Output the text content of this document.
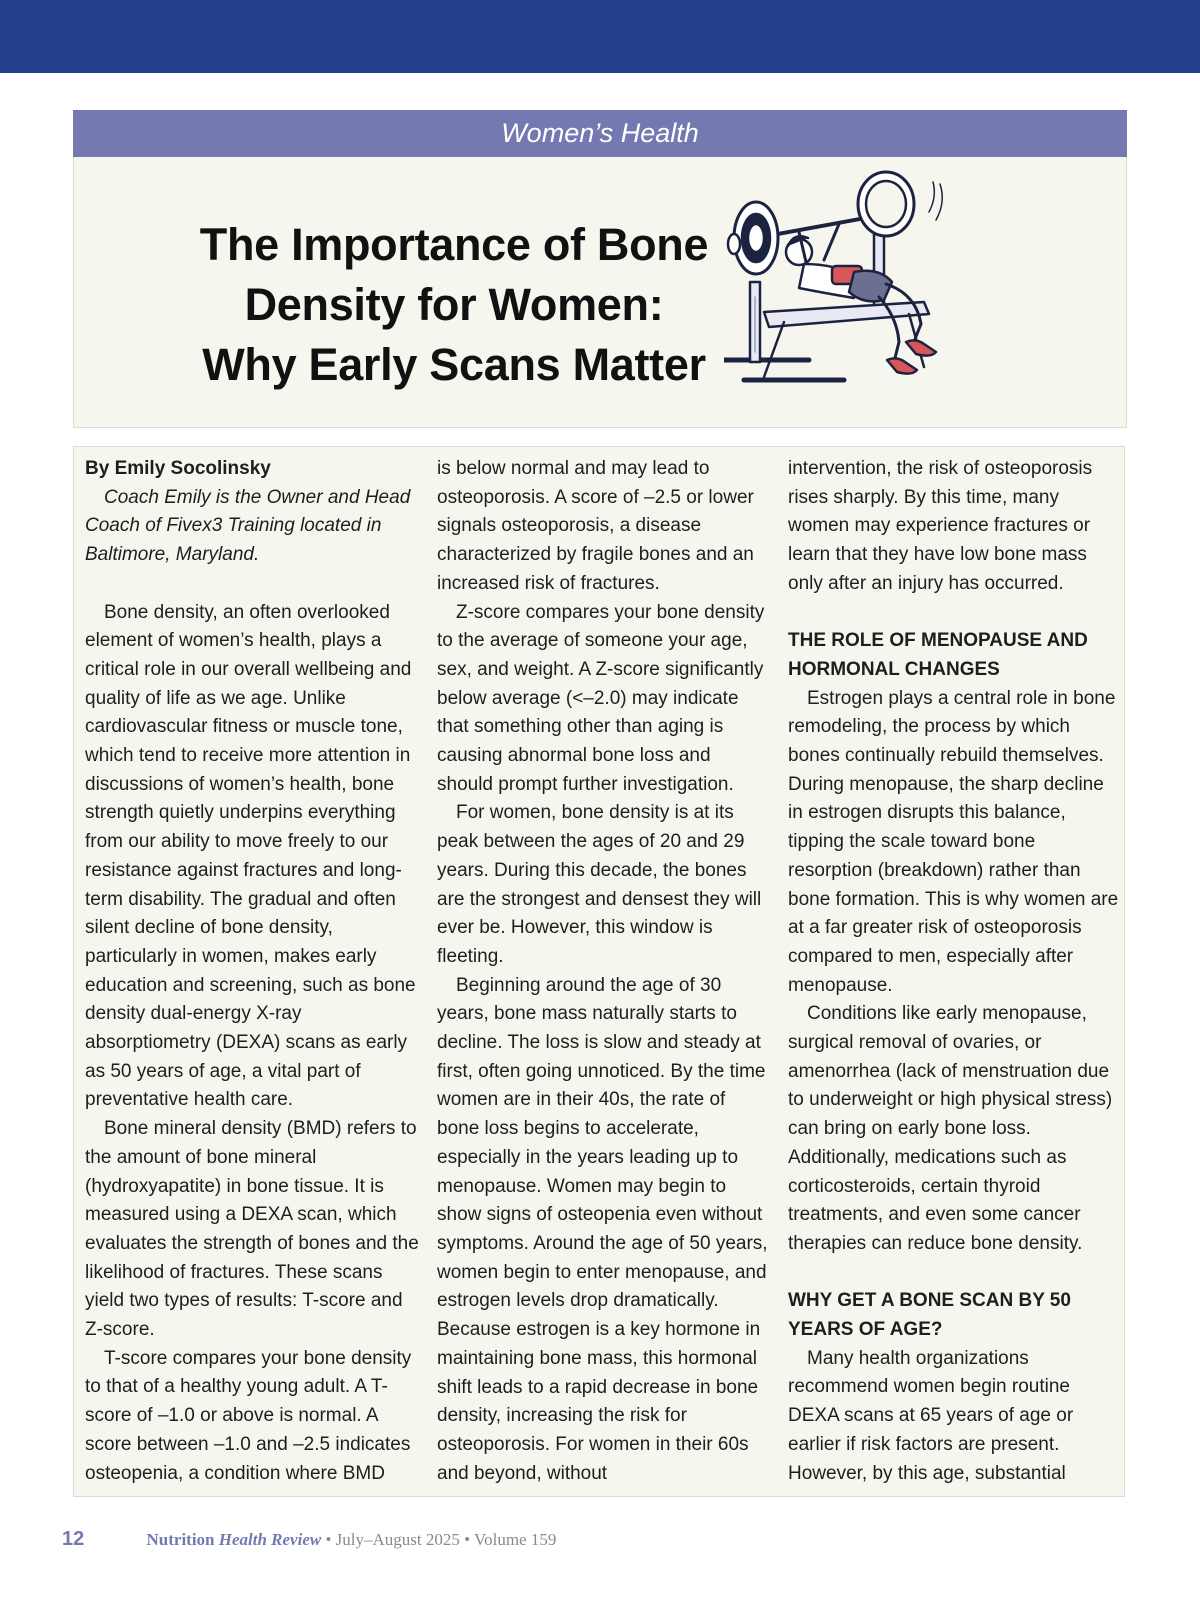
Women’s Health
The Importance of Bone
Density for Women:
Why Early Scans Matter

By Emily Socolinsky

Coach Emily is the Owner and Head Coach of Fivex3 Training located in Baltimore, Maryland.

Bone density, an often overlooked element of women’s health, plays a critical role in our overall wellbeing and quality of life as we age. Unlike cardiovascular fitness or muscle tone, which tend to receive more attention in discussions of women’s health, bone strength quietly underpins everything from our ability to move freely to our resistance against fractures and long-term disability. The gradual and often silent decline of bone density, particularly in women, makes early education and screening, such as bone density dual-energy X-ray absorptiometry (DEXA) scans as early as 50 years of age, a vital part of preventative health care.

Bone mineral density (BMD) refers to the amount of bone mineral (hydroxyapatite) in bone tissue. It is measured using a DEXA scan, which evaluates the strength of bones and the likelihood of fractures. These scans yield two types of results: T-score and Z-score.

T-score compares your bone density to that of a healthy young adult. A T-score of –1.0 or above is normal. A score between –1.0 and –2.5 indicates osteopenia, a condition where BMD

is below normal and may lead to osteoporosis. A score of –2.5 or lower signals osteoporosis, a disease characterized by fragile bones and an increased risk of fractures.

Z-score compares your bone density to the average of someone your age, sex, and weight. A Z-score significantly below average (<–2.0) may indicate that something other than aging is causing abnormal bone loss and should prompt further investigation.

For women, bone density is at its peak between the ages of 20 and 29 years. During this decade, the bones are the strongest and densest they will ever be. However, this window is fleeting.

Beginning around the age of 30 years, bone mass naturally starts to decline. The loss is slow and steady at first, often going unnoticed. By the time women are in their 40s, the rate of bone loss begins to accelerate, especially in the years leading up to menopause. Women may begin to show signs of osteopenia even without symptoms. Around the age of 50 years, women begin to enter menopause, and estrogen levels drop dramatically. Because estrogen is a key hormone in maintaining bone mass, this hormonal shift leads to a rapid decrease in bone density, increasing the risk for osteoporosis. For women in their 60s and beyond, without

intervention, the risk of osteoporosis rises sharply. By this time, many women may experience fractures or learn that they have low bone mass only after an injury has occurred.

THE ROLE OF MENOPAUSE AND HORMONAL CHANGES

Estrogen plays a central role in bone remodeling, the process by which bones continually rebuild themselves. During menopause, the sharp decline in estrogen disrupts this balance, tipping the scale toward bone resorption (breakdown) rather than bone formation. This is why women are at a far greater risk of osteoporosis compared to men, especially after menopause.

Conditions like early menopause, surgical removal of ovaries, or amenorrhea (lack of menstruation due to underweight or high physical stress) can bring on early bone loss. Additionally, medications such as corticosteroids, certain thyroid treatments, and even some cancer therapies can reduce bone density.

WHY GET A BONE SCAN BY 50 YEARS OF AGE?

Many health organizations recommend women begin routine DEXA scans at 65 years of age or earlier if risk factors are present. However, by this age, substantial

12	Nutrition Health Review • July–August 2025 • Volume 159
